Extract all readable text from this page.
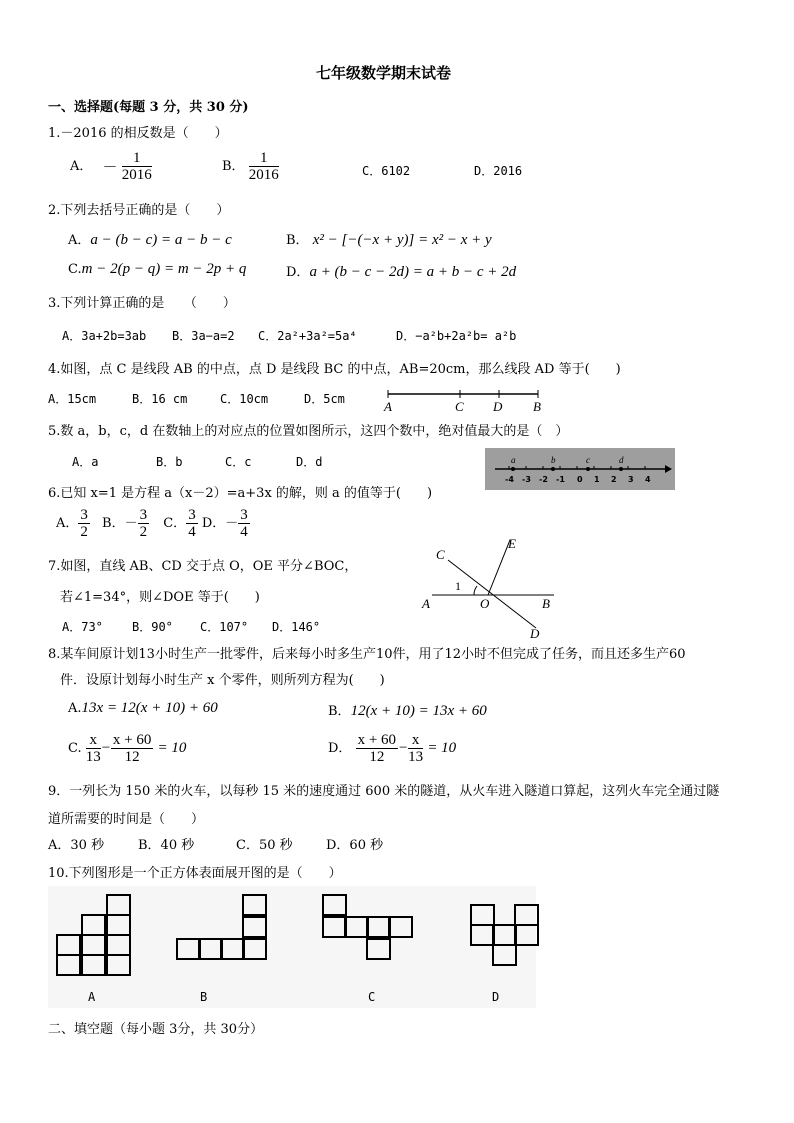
七年级数学期末试卷
一、选择题(每题 3 分，共 30 分)
1.－2016 的相反数是（　　）
A． － $\frac{1}{2016}$	B． $\frac{1}{2016}$	C．6102	D．2016
2.下列去括号正确的是（　　）
A．a − (b − c) = a − b − c	B． x² − [−(−x + y)] = x² − x + y
C.m − 2(p − q) = m − 2p + q	D．a + (b − c − 2d) = a + b − c + 2d
3.下列计算正确的是　　（　　）
A．3a+2b=3ab B．3a−a=2 C．2a²+3a²=5a⁴	D．−a²b+2a²b= a²b
4.如图，点 C 是线段 AB 的中点，点 D 是线段 BC 的中点，AB=20cm，那么线段 AD 等于(　　)
A．15cm	B．16 cm	C．10cm	D．5cm	A	C D B
5.数 a，b，c，d 在数轴上的对应点的位置如图所示，这四个数中，绝对值最大的是（　）
A．a	B．b	C．c	D．d	a	b	c	d
-4 -3 -2 -1 0 1 2 3 4
6.已知 x=1 是方程 a（x－2）=a+3x 的解，则 a 的值等于(　　)
A． $\frac{3}{2}$ B．－ $\frac{3}{2}$ C． $\frac{3}{4}$ D．－ $\frac{3}{4}$
7.如图，直线 AB、CD 交于点 O，OE 平分∠BOC，
若∠1=34°，则∠DOE 等于(　　)
A．73° B．90° C．107° D．146°
C
E
1
A	O	B
D
8.某车间原计划13小时生产一批零件，后来每小时多生产10件，用了12小时不但完成了任务，而且还多生产60
件．设原计划每小时生产 x 个零件，则所列方程为(　　)
A.13x = 12(x + 10) + 60	B．12(x + 10) = 13x + 60
C. $\frac{x}{13} - \frac{x + 60}{12} = 10$	D． $\frac{x + 60}{12} - \frac{x}{13} = 10$
9．一列长为 150 米的火车，以每秒 15 米的速度通过 600 米的隧道，从火车进入隧道口算起，这列火车完全通过隧
道所需要的时间是（　　）
A．30 秒	B．40 秒	C．50 秒	D．60 秒
10.下列图形是一个正方体表面展开图的是（　　）
A	B	C	D
二、填空题（每小题 3分，共 30分）
